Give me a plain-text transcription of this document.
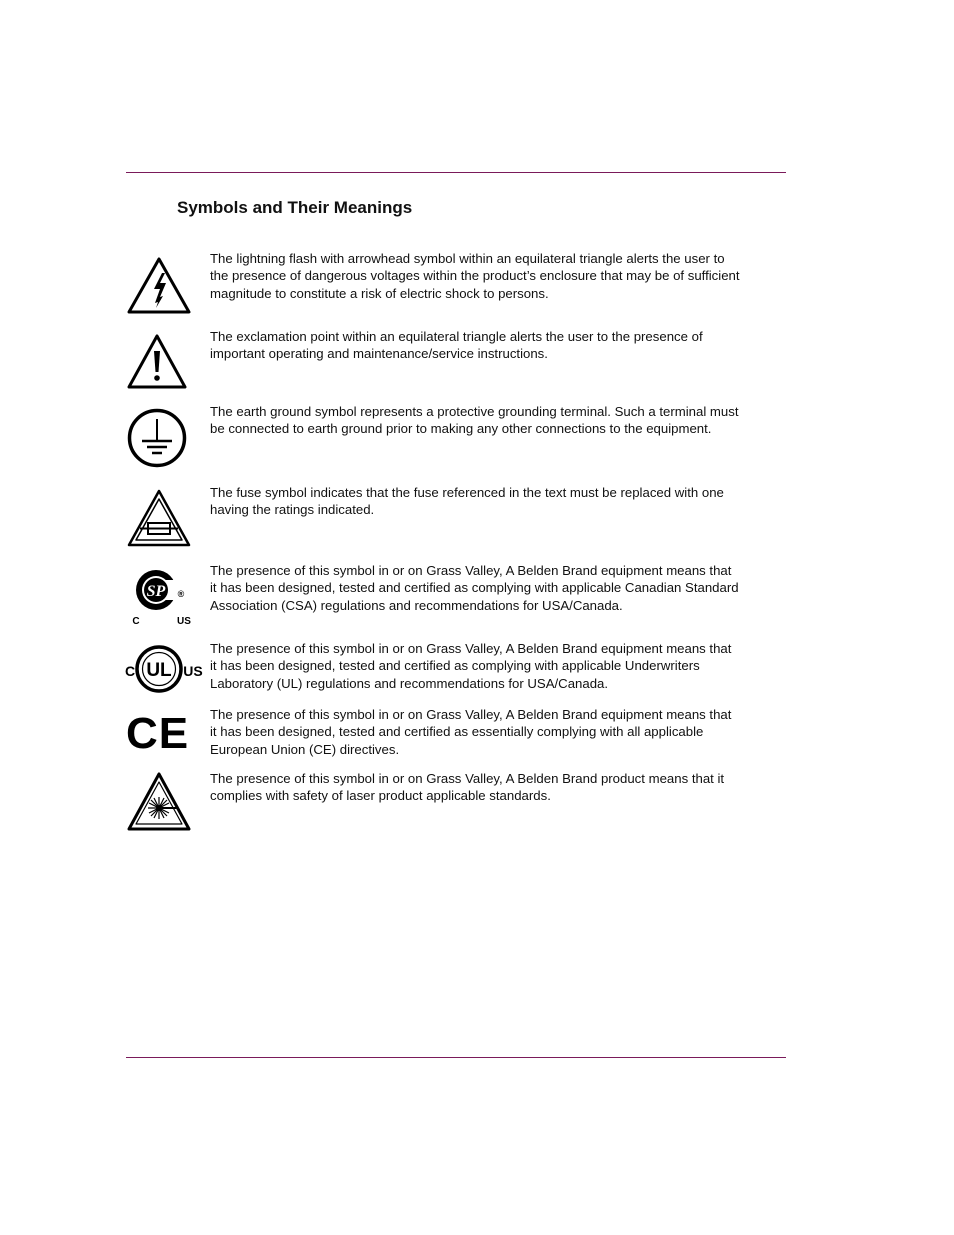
Symbols and Their Meanings

The lightning flash with arrowhead symbol within an equilateral triangle alerts the user to the presence of dangerous voltages within the product’s enclosure that may be of sufficient magnitude to constitute a risk of electric shock to persons.

The exclamation point within an equilateral triangle alerts the user to the presence of important operating and maintenance/service instructions.

The earth ground symbol represents a protective grounding terminal. Such a terminal must be connected to earth ground prior to making any other connections to the equipment.

The fuse symbol indicates that the fuse referenced in the text must be replaced with one having the ratings indicated.

SP ®
C	US

The presence of this symbol in or on Grass Valley, A Belden Brand equipment means that it has been designed, tested and certified as complying with applicable Canadian Standard Association (CSA) regulations and recommendations for USA/Canada.

UL
C	US

The presence of this symbol in or on Grass Valley, A Belden Brand equipment means that it has been designed, tested and certified as complying with applicable Underwriters Laboratory (UL) regulations and recommendations for USA/Canada.

CE The presence of this symbol in or on Grass Valley, A Belden Brand equipment means that it has been designed, tested and certified as essentially complying with all applicable European Union (CE) directives.

The presence of this symbol in or on Grass Valley, A Belden Brand product means that it complies with safety of laser product applicable standards.
